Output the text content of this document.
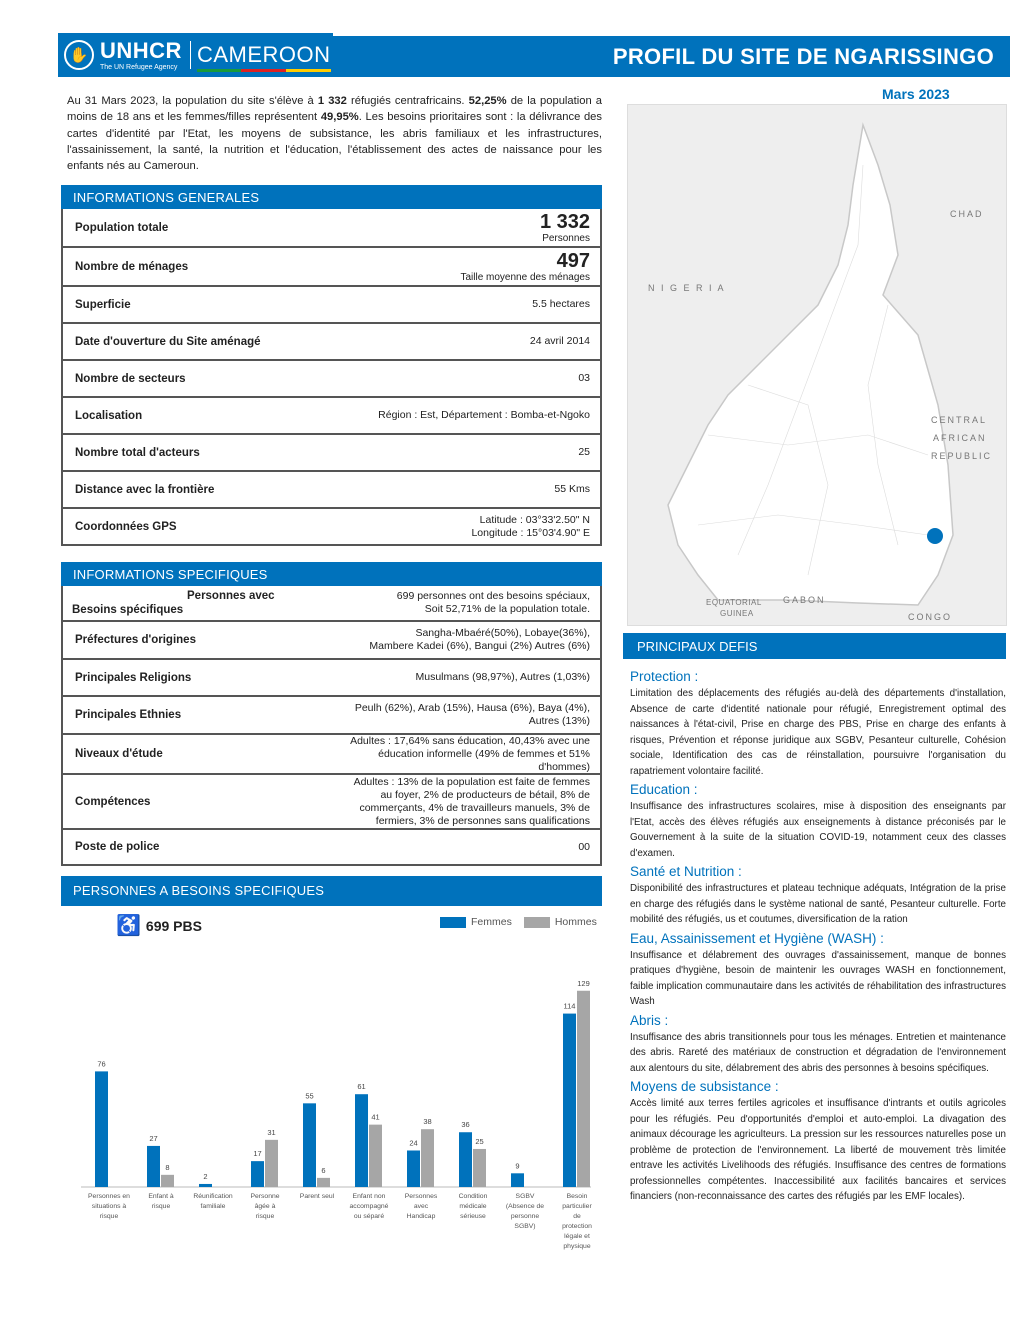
✋ UNHCR
The UN Refugee Agency CAMEROON	PROFIL DU SITE DE NGARISSINGO
Au 31 Mars 2023, la population du site s'élève à 1 332 réfugiés centrafricains. 52,25% de la population a moins de 18 ans et les femmes/filles représentent 49,95%. Les besoins prioritaires sont : la délivrance des cartes d'identité par l'Etat, les moyens de subsistance, les abris familiaux et les infrastructures, l'assainissement, la santé, la nutrition et l'éducation, l'établissement des actes de naissance pour les enfants nés au Cameroun.
INFORMATIONS GENERALES
Population totale	1 332
Personnes
Nombre de ménages	497
Taille moyenne des ménages
Superficie	5.5 hectares
Date d'ouverture du Site aménagé	24 avril 2014
Nombre de secteurs	03
Localisation	Région : Est, Département : Bomba-et-Ngoko
Nombre total d'acteurs	25
Distance avec la frontière	55 Kms
Coordonnées GPS
Latitude : 03°33'2.50" N
Longitude : 15°03'4.90" E
INFORMATIONS SPECIFIQUES
Personnes avec
Besoins spécifiques
699 personnes ont des besoins spéciaux,
Soit 52,71% de la population totale.
Préfectures d'origines
Sangha-Mbaéré(50%), Lobaye(36%),
Mambere Kadei (6%), Bangui (2%) Autres (6%)
Principales Religions	Musulmans (98,97%), Autres (1,03%)
Principales Ethnies
Peulh (62%), Arab (15%), Hausa (6%), Baya (4%),
Autres (13%)
Niveaux d'étude
Adultes : 17,64% sans éducation, 40,43% avec une
éducation informelle (49% de femmes et 51%
d'hommes)
Compétences
Adultes : 13% de la population est faite de femmes
au foyer, 2% de producteurs de bétail, 8% de
commerçants, 4% de travailleurs manuels, 3% de
fermiers, 3% de personnes sans qualifications
Poste de police	00
PERSONNES A BESOINS SPECIFIQUES
♿ 699 PBS	Femmes	Hommes
76
Personnes en
situations à
risque
27
8
Enfant à
risque
2
Réunification
familiale
17
31
Personne
âgée à
risque
55
6
Parent seul
61
41
Enfant non
accompagné
ou séparé
24
38
Personnes
avec
Handicap
36
25
Condition
médicale
sérieuse
9
SGBV
(Absence de
personne
SGBV)
114
129
Besoin
particulier
de
protection
légale et
physique
Mars 2023
CHAD
N I G E R I A
CENTRAL
AFRICAN
REPUBLIC
EQUATORIAL
GUINEA
GABON
CONGO
PRINCIPAUX DEFIS
Protection :
Limitation des déplacements des réfugiés au-delà des départements d'installation, Absence de carte d'identité nationale pour réfugié, Enregistrement optimal des naissances à l'état-civil, Prise en charge des PBS, Prise en charge des enfants à risques, Prévention et réponse juridique aux SGBV, Pesanteur culturelle, Cohésion sociale, Identification des cas de réinstallation, poursuivre l'organisation du rapatriement volontaire facilité.
Education :
Insuffisance des infrastructures scolaires, mise à disposition des enseignants par l'Etat, accès des élèves réfugiés aux enseignements à distance préconisés par le Gouvernement à la suite de la situation COVID-19, notamment ceux des classes d'examen.
Santé et Nutrition :
Disponibilité des infrastructures et plateau technique adéquats, Intégration de la prise en charge des réfugiés dans le système national de santé, Pesanteur culturelle. Forte mobilité des réfugiés, us et coutumes, diversification de la ration
Eau, Assainissement et Hygiène (WASH) :
Insuffisance et délabrement des ouvrages d'assainissement, manque de bonnes pratiques d'hygiène, besoin de maintenir les ouvrages WASH en fonctionnement, faible implication communautaire dans les activités de réhabilitation des infrastructures Wash
Abris :
Insuffisance des abris transitionnels pour tous les ménages. Entretien et maintenance des abris. Rareté des matériaux de construction et dégradation de l'environnement aux alentours du site, délabrement des abris des personnes à besoins spécifiques.
Moyens de subsistance :
Accès limité aux terres fertiles agricoles et insuffisance d'intrants et outils agricoles pour les réfugiés. Peu d'opportunités d'emploi et auto-emploi. La divagation des animaux décourage les agriculteurs. La pression sur les ressources naturelles pose un problème de protection de l'environnement. La liberté de mouvement très limitée entrave les activités Livelihoods des réfugiés. Insuffisance des centres de formations professionnelles compétentes. Inaccessibilité aux facilités bancaires et services financiers (non-reconnaissance des cartes des réfugiés par les EMF locales).
